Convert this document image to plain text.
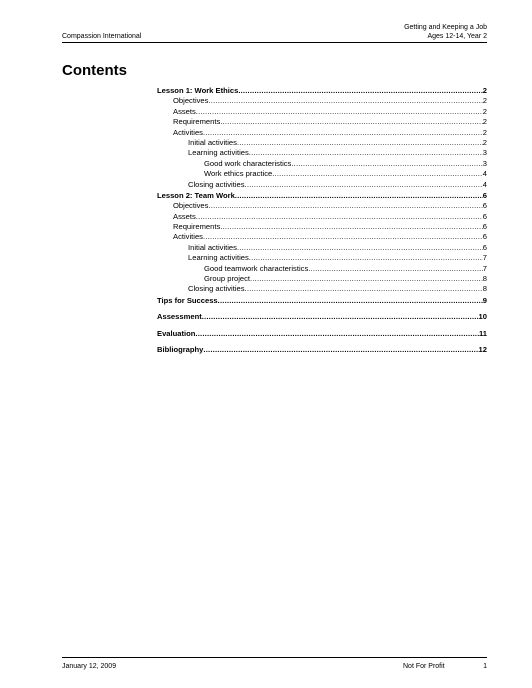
Compassion International
Getting and Keeping a Job
Ages 12-14, Year 2
Contents
Lesson 1: Work Ethics .....	2
Objectives .....	2
Assets .....	2
Requirements .....	2
Activities .....	2
Initial activities .....	2
Learning activities .....	3
Good work characteristics .....	3
Work ethics practice .....	4
Closing activities .....	4
Lesson 2: Team Work .....	6
Objectives .....	6
Assets .....	6
Requirements .....	6
Activities .....	6
Initial activities .....	6
Learning activities .....	7
Good teamwork characteristics .....	7
Group project .....	8
Closing activities .....	8
Tips for Success .....	9
Assessment .....	10
Evaluation .....	11
Bibliography .....	12
January 12, 2009	Not For Profit	1
